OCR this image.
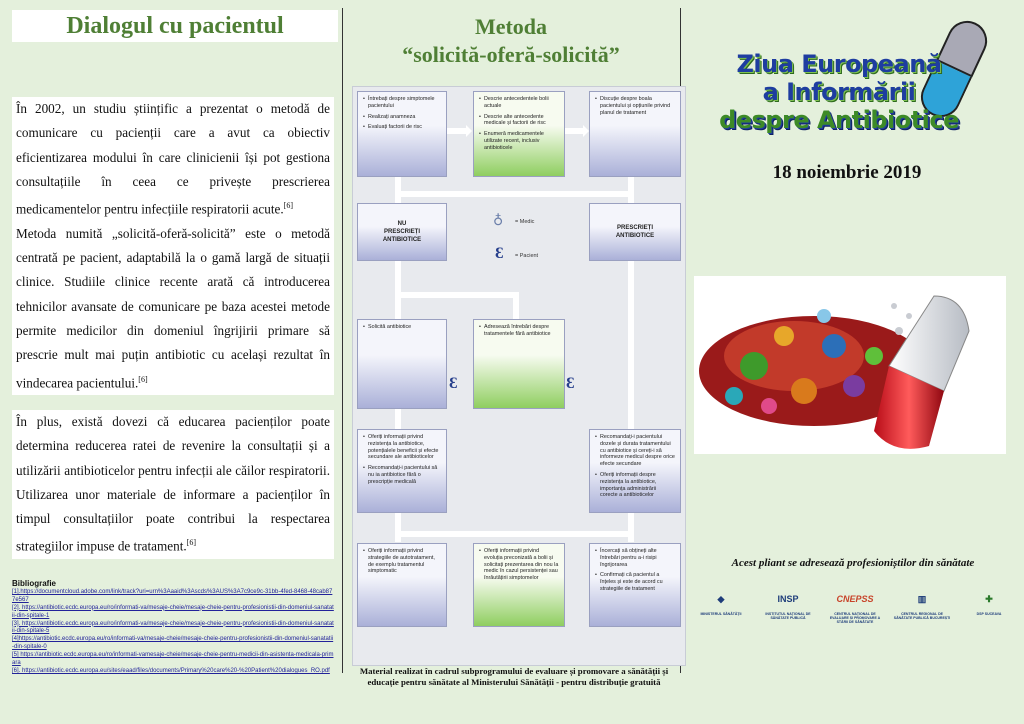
Dialogul cu pacientul
În 2002, un studiu științific a prezentat o metodă de comunicare cu pacienții care a avut ca obiectiv eficientizarea modului în care clinicienii își pot gestiona consultațiile în ceea ce privește prescrierea medicamentelor pentru infecțiile respiratorii acute.[6]
Metoda numită „solicită-oferă-solicită” este o metodă centrată pe pacient, adaptabilă la o gamă largă de situații clinice. Studiile clinice recente arată că introducerea tehnicilor avansate de comunicare pe baza acestei metode permite medicilor din domeniul îngrijirii primare să prescrie mult mai puțin antibiotic cu același rezultat în vindecarea pacientului.[6]
În plus, există dovezi că educarea pacienților poate determina reducerea ratei de revenire la consultații și a utilizării antibioticelor pentru infecții ale căilor respiratorii. Utilizarea unor materiale de informare a pacienților în timpul consultațiilor poate contribui la respectarea strategiilor impuse de tratament.[6]

Bibliografie

[1].https://documentcloud.adobe.com/link/track?uri=urn%3Aaaid%3Ascds%3AUS%3A7c9ce9c-31bb-4fed-8468-48cab877e567
[2]. https://antibiotic.ecdc.europa.eu/ro/informati-va/mesaje-cheie/mesaje-cheie-pentru-profesionistii-din-domeniul-sanatatii-din-spitale-1
[3]. https://antibiotic.ecdc.europa.eu/ro/informati-va/mesaje-cheie/mesaje-cheie-pentru-profesionistii-din-domeniul-sanatatii-din-spitale-5
[4]https://antibiotic.ecdc.europa.eu/ro/informati-va/mesaje-cheie/mesaje-cheie-pentru-profesionistii-din-domeniul-sanatatii-din-spitale-0
[5] https://antibiotic.ecdc.europa.eu/ro/informati-vamesaje-cheie/mesaje-cheie-pentru-medicii-din-asistenta-medicala-primara
[6]. https://antibiotic.ecdc.europa.eu/sites/eaad/files/documents/Primary%20care%20-%20Patient%20dialogues_RO.pdf
Metoda
“solicită-oferă-solicită”
• Întrebați despre simptomele pacientului
• Realizați anamneza
• Evaluați factorii de risc
• Descrie antecedentele bolii actuale
• Descrie alte antecedente medicale și factorii de risc
• Enumeră medicamentele utilizate recent, inclusiv antibioticele
• Discuție despre boala pacientului și opțiunile privind planul de tratament
NU
PRESCRIEȚI
ANTIBIOTICE
PRESCRIEȚI
ANTIBIOTICE
♁ = Medic
Ɛ = Pacient
• Solicită antibiotice
•	Adresează întrebări despre tratamentele fără antibiotice
Ɛ	Ɛ
• Oferiți informații privind rezistența la antibiotice, potențialele beneficii și efecte secundare ale antibioticelor
• Recomandați-i pacientului să nu ia antibiotice fără o prescripție medicală
• Recomandați-i pacientului dozele și durata tratamentului cu antibiotice și cereți-i să informeze medicul despre orice efecte secundare
• Oferiți informații despre rezistența la antibiotice, importanța administrării corecte a antibioticelor
• Oferiți informații privind strategiile de autotratament, de exemplu tratamentul simptomatic
• Oferiți informații privind evoluția preconizată a bolii și solicitați prezentarea din nou la medic în cazul persistenței sau înrăutățirii simptomelor
• Încercați să obțineți alte întrebări pentru a-i risipi îngrijorarea
• Confirmați că pacientul a înțeles și este de acord cu strategiile de tratament
Material realizat în cadrul subprogramului de evaluare și promovare a sănătății și educație pentru sănătate al Ministerului Sănătății - pentru distribuție gratuită
Ziua Europeană
a Informării
despre Antibiotice
18 noiembrie 2019
Acest pliant se adresează profesioniștilor din sănătate
◆
MINISTERUL SĂNĂTĂȚII
INSP
INSTITUTUL NAȚIONAL DE SĂNĂTATE PUBLICĂ
CNEPSS
CENTRUL NAȚIONAL DE EVALUARE ȘI PROMOVARE A STĂRII DE SĂNĂTATE
▥
CENTRUL REGIONAL DE SĂNĂTATE PUBLICĂ BUCUREȘTI
✚
DSP SUCEAVA
